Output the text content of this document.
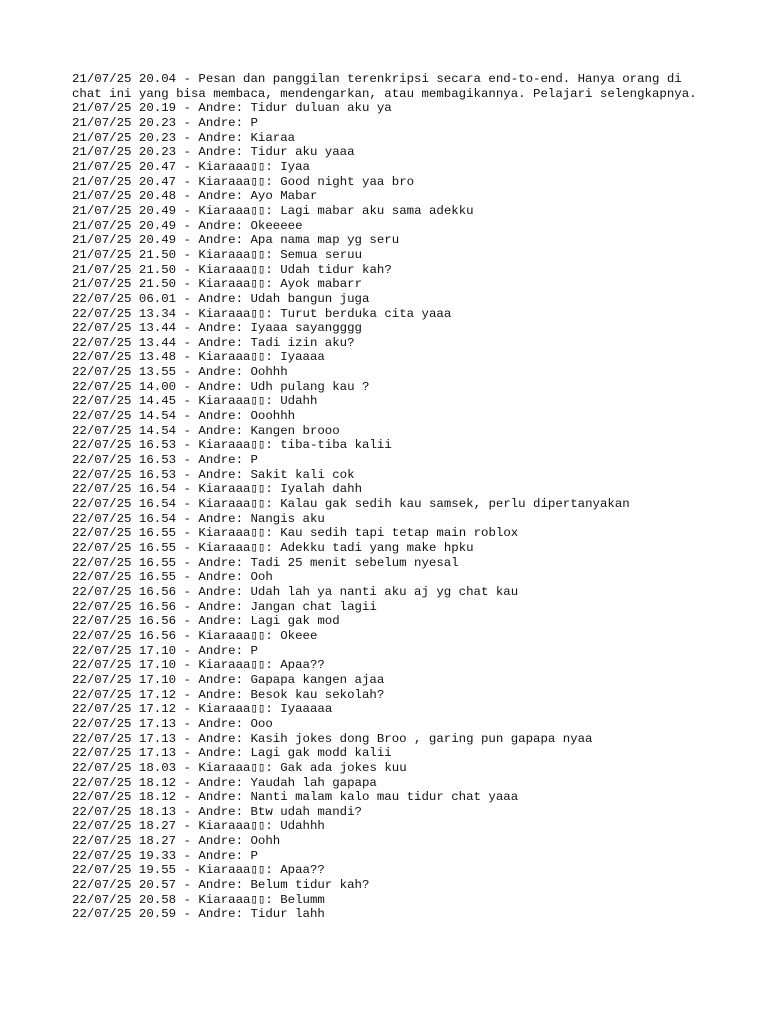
21/07/25 20.04 - Pesan dan panggilan terenkripsi secara end-to-end. Hanya orang di chat ini yang bisa membaca, mendengarkan, atau membagikannya. Pelajari selengkapnya.
21/07/25 20.19 - Andre: Tidur duluan aku ya
21/07/25 20.23 - Andre: P
21/07/25 20.23 - Andre: Kiaraa
21/07/25 20.23 - Andre: Tidur aku yaaa
21/07/25 20.47 - Kiaraaa▯▯: Iyaa
21/07/25 20.47 - Kiaraaa▯▯: Good night yaa bro
21/07/25 20.48 - Andre: Ayo Mabar
21/07/25 20.49 - Kiaraaa▯▯: Lagi mabar aku sama adekku
21/07/25 20.49 - Andre: Okeeeee
21/07/25 20.49 - Andre: Apa nama map yg seru
21/07/25 21.50 - Kiaraaa▯▯: Semua seruu
21/07/25 21.50 - Kiaraaa▯▯: Udah tidur kah?
21/07/25 21.50 - Kiaraaa▯▯: Ayok mabarr
22/07/25 06.01 - Andre: Udah bangun juga
22/07/25 13.34 - Kiaraaa▯▯: Turut berduka cita yaaa
22/07/25 13.44 - Andre: Iyaaa sayangggg
22/07/25 13.44 - Andre: Tadi izin aku?
22/07/25 13.48 - Kiaraaa▯▯: Iyaaaa
22/07/25 13.55 - Andre: Oohhh
22/07/25 14.00 - Andre: Udh pulang kau ?
22/07/25 14.45 - Kiaraaa▯▯: Udahh
22/07/25 14.54 - Andre: Ooohhh
22/07/25 14.54 - Andre: Kangen brooo
22/07/25 16.53 - Kiaraaa▯▯: tiba-tiba kalii
22/07/25 16.53 - Andre: P
22/07/25 16.53 - Andre: Sakit kali cok
22/07/25 16.54 - Kiaraaa▯▯: Iyalah dahh
22/07/25 16.54 - Kiaraaa▯▯: Kalau gak sedih kau samsek, perlu dipertanyakan
22/07/25 16.54 - Andre: Nangis aku
22/07/25 16.55 - Kiaraaa▯▯: Kau sedih tapi tetap main roblox
22/07/25 16.55 - Kiaraaa▯▯: Adekku tadi yang make hpku
22/07/25 16.55 - Andre: Tadi 25 menit sebelum nyesal
22/07/25 16.55 - Andre: Ooh
22/07/25 16.56 - Andre: Udah lah ya nanti aku aj yg chat kau
22/07/25 16.56 - Andre: Jangan chat lagii
22/07/25 16.56 - Andre: Lagi gak mod
22/07/25 16.56 - Kiaraaa▯▯: Okeee
22/07/25 17.10 - Andre: P
22/07/25 17.10 - Kiaraaa▯▯: Apaa??
22/07/25 17.10 - Andre: Gapapa kangen ajaa
22/07/25 17.12 - Andre: Besok kau sekolah?
22/07/25 17.12 - Kiaraaa▯▯: Iyaaaaa
22/07/25 17.13 - Andre: Ooo
22/07/25 17.13 - Andre: Kasih jokes dong Broo , garing pun gapapa nyaa
22/07/25 17.13 - Andre: Lagi gak modd kalii
22/07/25 18.03 - Kiaraaa▯▯: Gak ada jokes kuu
22/07/25 18.12 - Andre: Yaudah lah gapapa
22/07/25 18.12 - Andre: Nanti malam kalo mau tidur chat yaaa
22/07/25 18.13 - Andre: Btw udah mandi?
22/07/25 18.27 - Kiaraaa▯▯: Udahhh
22/07/25 18.27 - Andre: Oohh
22/07/25 19.33 - Andre: P
22/07/25 19.55 - Kiaraaa▯▯: Apaa??
22/07/25 20.57 - Andre: Belum tidur kah?
22/07/25 20.58 - Kiaraaa▯▯: Belumm
22/07/25 20.59 - Andre: Tidur lahh
